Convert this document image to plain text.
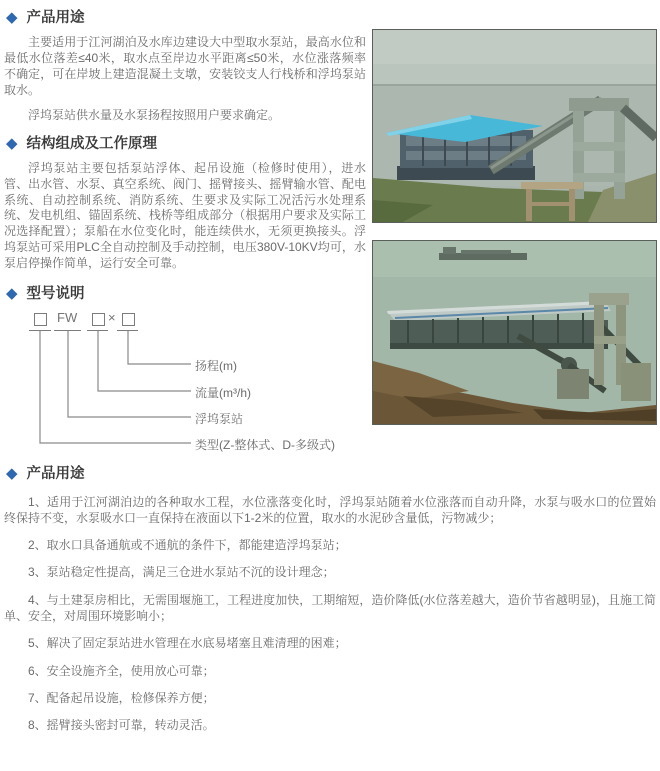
◆ 产品用途

主要适用于江河湖泊及水库边建设大中型取水泵站，最高水位和最低水位落差≤40米，取水点至岸边水平距离≤50米，水位涨落频率不确定，可在岸坡上建造混凝土支墩，安装铰支人行栈桥和浮坞泵站取水。

浮坞泵站供水量及水泵扬程按照用户要求确定。

◆ 结构组成及工作原理

浮坞泵站主要包括泵站浮体、起吊设施（检修时使用），进水管、出水管、水泵、真空系统、阀门、摇臂接头、摇臂输水管、配电系统、自动控制系统、消防系统、生要求及实际工况活污水处理系统、发电机组、锚固系统、栈桥等组成部分（根据用户要求及实际工况选择配置）；泵船在水位变化时，能连续供水，无须更换接头。浮坞泵站可采用PLC全自动控制及手动控制，电压380V-10KV均可，水泵启停操作简单，运行安全可靠。

◆ 型号说明
FW ×
扬程(m)
流量(m³/h)
浮坞泵站
类型(Z-整体式、D-多级式)
◆ 产品用途

1、适用于江河湖泊边的各种取水工程，水位涨落变化时，浮坞泵站随着水位涨落而自动升降，水泵与吸水口的位置始终保持不变，水泵吸水口一直保持在液面以下1-2米的位置，取水的水泥砂含量低，污物减少；

2、取水口具备通航或不通航的条件下，都能建造浮坞泵站；

3、泵站稳定性提高，满足三仓进水泵站不沉的设计理念；

4、与土建泵房相比，无需围堰施工，工程进度加快，工期缩短，造价降低(水位落差越大，造价节省越明显)，且施工简单、安全，对周围环境影响小；

5、解决了固定泵站进水管理在水底易堵塞且难清理的困难；

6、安全设施齐全，使用放心可靠；

7、配备起吊设施，检修保养方便；

8、摇臂接头密封可靠，转动灵活。
